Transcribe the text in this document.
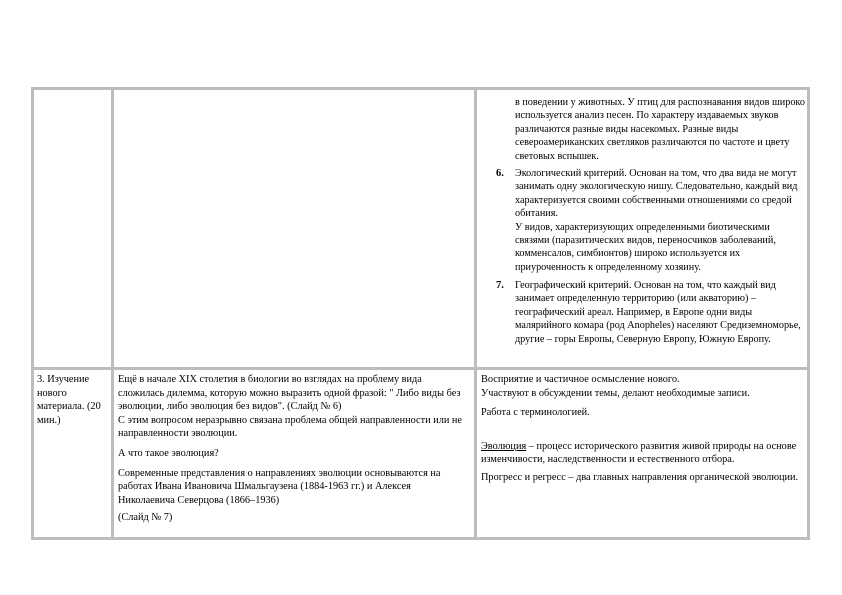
в поведении у животных. У птиц для распознавания видов широко используется анализ песен. По характеру издаваемых звуков различаются разные виды насекомых. Разные виды североамериканских светляков различаются по частоте и цвету световых вспышек.

6. Экологический критерий. Основан на том, что два вида не могут занимать одну экологическую нишу. Следовательно, каждый вид характеризуется своими собственными отношениями со средой обитания.

У видов, характеризующих определенными биотическими связями (паразитических видов, переносчиков заболеваний, комменсалов, симбионтов) широко используется их приуроченность к определенному хозяину.

7. Географический критерий. Основан на том, что каждый вид занимает определенную территорию (или акваторию) – географический ареал. Например, в Европе одни виды малярийного комара (род Anopheles) населяют Средиземноморье, другие – горы Европы, Северную Европу, Южную Европу.

3. Изучение нового материала. (20 мин.)

Ещё в начале XIX столетия в биологии во взглядах на проблему вида сложилась дилемма, которую можно выразить одной фразой: " Либо виды без эволюции, либо эволюция без видов". (Слайд № 6)

С этим вопросом неразрывно связана проблема общей направленности или не направленности эволюции.

А что такое эволюция?

Современные представления о направлениях эволюции основываются на работах Ивана Ивановича Шмальгаузена (1884-1963 гг.) и Алексея Николаевича Северцова (1866–1936)

(Слайд № 7)

Восприятие и частичное осмысление нового.

Участвуют в обсуждении темы, делают необходимые записи.

Работа с терминологией.

Эволюция – процесс исторического развития живой природы на основе изменчивости, наследственности и естественного отбора.

Прогресс и регресс – два главных направления органической эволюции.
